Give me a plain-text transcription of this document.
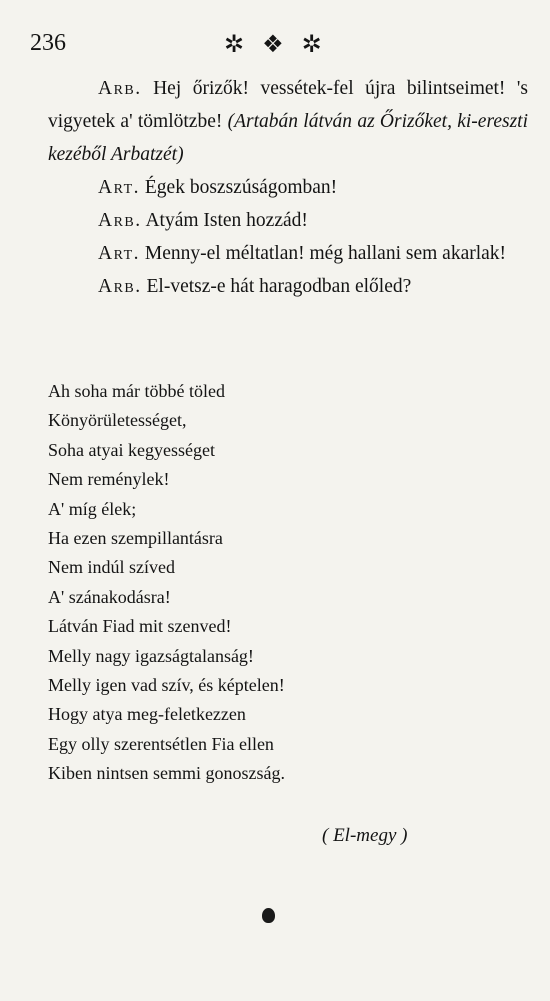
236	✲ ❖ ✲

Arb. Hej őrizők! vessétek-fel újra bilintseimet! 's vigyetek a' tömlötzbe! (Artabán látván az Őrizőket, ki-ereszti kezéből Arbatzét)

Art. Égek boszszúságomban!

Arb. Atyám Isten hozzád!

Art. Menny-el méltatlan! még hallani sem akarlak!

Arb. El-vetsz-e hát haragodban előled?

Ah soha már többé töled
Könyörületességet,
Soha atyai kegyességet
Nem reménylek!
A' míg élek;
Ha ezen szempillantásra
Nem indúl szíved
A' szánakodásra!
Látván Fiad mit szenved!
Melly nagy igazságtalanság!
Melly igen vad szív, és képtelen!
Hogy atya meg-feletkezzen
Egy olly szerentsétlen Fia ellen
Kiben nintsen semmi gonoszság.
( El-megy )
